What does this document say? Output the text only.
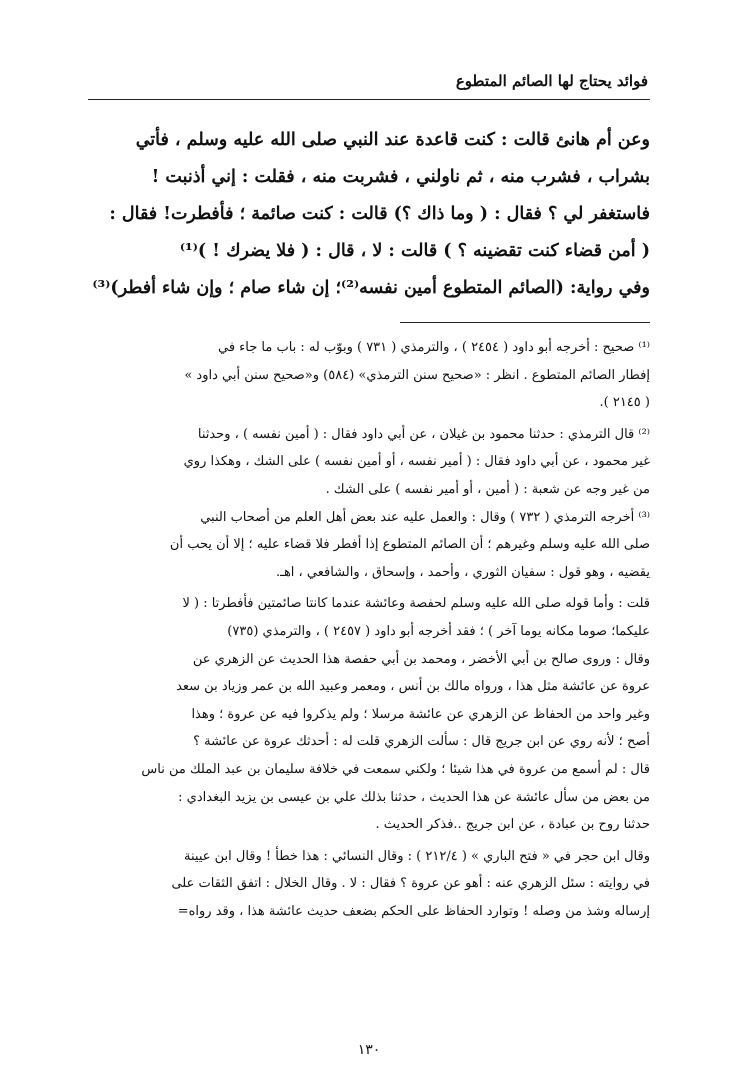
فوائد يحتاج لها الصائم المتطوع

وعن أم هانئ قالت : كنت قاعدة عند النبي صلى الله عليه وسلم ، فأتي

بشراب ، فشرب منه ، ثم ناولني ، فشربت منه ، فقلت : إني أذنبت !

فاستغفر لي ؟ فقال : ( وما ذاك ؟) قالت : كنت صائمة ؛ فأفطرت! فقال :

( أمن قضاء كنت تقضينه ؟ ) قالت : لا ، قال : ( فلا يضرك ! )⁽¹⁾

وفي رواية: (الصائم المتطوع أمين نفسه⁽²⁾؛ إن شاء صام ؛ وإن شاء أفطر)⁽³⁾

⁽¹⁾ صحيح : أخرجه أبو داود ( ٢٤٥٤ ) ، والترمذي ( ٧٣١ ) وبوّب له : باب ما جاء في

إفطار الصائم المتطوع . انظر : «صحيح سنن الترمذي» (٥٨٤) و«صحيح سنن أبي داود »

( ٢١٤٥ ).

⁽²⁾ قال الترمذي : حدثنا محمود بن غيلان ، عن أبي داود فقال : ( أمين نفسه ) ، وحدثنا

غير محمود ، عن أبي داود فقال : ( أمير نفسه ، أو أمين نفسه ) على الشك ، وهكذا روي

من غير وجه عن شعبة : ( أمين ، أو أمير نفسه ) على الشك .

⁽³⁾ أخرجه الترمذي ( ٧٣٢ ) وقال : والعمل عليه عند بعض أهل العلم من أصحاب النبي

صلى الله عليه وسلم وغيرهم ؛ أن الصائم المتطوع إذا أفطر فلا قضاء عليه ؛ إلا أن يحب أن

يقضيه ، وهو قول : سفيان الثوري ، وأحمد ، وإسحاق ، والشافعي ، اهـ.

قلت : وأما قوله صلى الله عليه وسلم لحفصة وعائشة عندما كانتا صائمتين فأفطرتا : ( لا

عليكما؛ صوما مكانه يوما آخر ) ؛ فقد أخرجه أبو داود ( ٢٤٥٧ ) ، والترمذي (٧٣٥)

وقال : وروى صالح بن أبي الأخضر ، ومحمد بن أبي حفصة هذا الحديث عن الزهري عن

عروة عن عائشة مثل هذا ، ورواه مالك بن أنس ، ومعمر وعبيد الله بن عمر وزياد بن سعد

وغير واحد من الحفاظ عن الزهري عن عائشة مرسلا ؛ ولم يذكروا فيه عن عروة ؛ وهذا

أصح ؛ لأنه روي عن ابن جريج قال : سألت الزهري قلت له : أحدثك عروة عن عائشة ؟

قال : لم أسمع من عروة في هذا شيئا ؛ ولكني سمعت في خلافة سليمان بن عبد الملك من ناس

من بعض من سأل عائشة عن هذا الحديث ، حدثنا بذلك علي بن عيسى بن يزيد البغدادي :

حدثنا روح بن عبادة ، عن ابن جريج ..فذكر الحديث .

وقال ابن حجر في « فتح الباري » ( ٢١٢/٤ ) : وقال النسائي : هذا خطأ ! وقال ابن عيينة

في روايته : سئل الزهري عنه : أهو عن عروة ؟ فقال : لا . وقال الخلال : اتفق الثقات على

إرساله وشذ من وصله ! وتوارد الحفاظ على الحكم بضعف حديث عائشة هذا ، وقد رواه=

١٣٠
